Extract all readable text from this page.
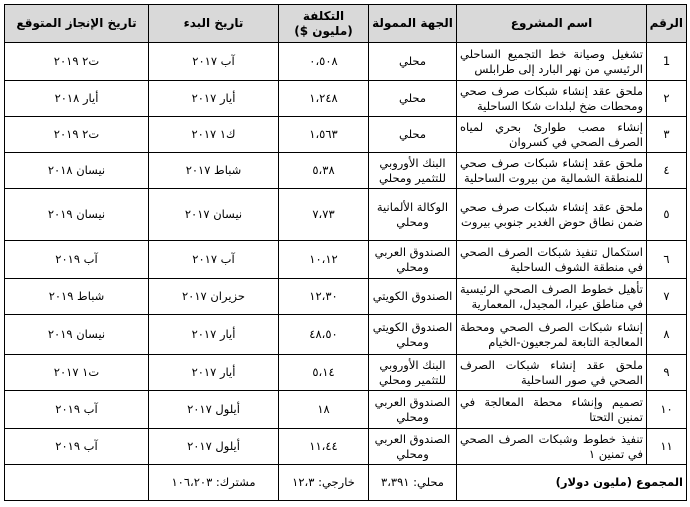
الرقم	اسم المشروع	الجهة الممولة	التكلفة (مليون $)	تاريخ البدء	تاريخ الإنجاز المتوقع
1	تشغيل وصيانة خط التجميع الساحلي الرئيسي من نهر البارد إلى طرابلس	محلي	٠،٥٠٨	آب ٢٠١٧	ت٢ ٢٠١٩
٢	ملحق عقد إنشاء شبكات صرف صحي ومحطات ضخ لبلدات شكا الساحلية	محلي	١،٢٤٨	أيار ٢٠١٧	أيار ٢٠١٨
٣	إنشاء مصب طوارئ بحري لمياه الصرف الصحي في كسروان	محلي	١،٥٦٣	ك١ ٢٠١٧	ت٢ ٢٠١٩
٤	ملحق عقد إنشاء شبكات صرف صحي للمنطقة الشمالية من بيروت الساحلية	البنك الأوروبي للتثمير ومحلي	٥،٣٨	شباط ٢٠١٧	نيسان ٢٠١٨
٥	ملحق عقد إنشاء شبكات صرف صحي ضمن نطاق حوض الغدير جنوبي بيروت	الوكالة الألمانية ومحلي	٧،٧٣	نيسان ٢٠١٧	نيسان ٢٠١٩
٦	استكمال تنفيذ شبكات الصرف الصحي في منطقة الشوف الساحلية	الصندوق العربي ومحلي	١٠،١٢	آب ٢٠١٧	آب ٢٠١٩
٧	تأهيل خطوط الصرف الصحي الرئيسية في مناطق عيرا، المجيدل، المعمارية	الصندوق الكويتي	١٢،٣٠	حزيران ٢٠١٧	شباط ٢٠١٩
٨	إنشاء شبكات الصرف الصحي ومحطة المعالجة التابعة لمرجعيون-الخيام	الصندوق الكويتي ومحلي	٤٨،٥٠	أيار ٢٠١٧	نيسان ٢٠١٩
٩	ملحق عقد إنشاء شبكات الصرف الصحي في صور الساحلية	البنك الأوروبي للتثمير ومحلي	٥،١٤	أيار ٢٠١٧	ت١ ٢٠١٧
١٠	تصميم وإنشاء محطة المعالجة في تمنين التحتا	الصندوق العربي ومحلي	١٨	أيلول ٢٠١٧	آب ٢٠١٩
١١	تنفيذ خطوط وشبكات الصرف الصحي في تمنين ١	الصندوق العربي ومحلي	١١،٤٤	أيلول ٢٠١٧	آب ٢٠١٩
المجموع (مليون دولار)		محلي: ٣،٣٩١	خارجي: ١٢،٣	مشترك: ١٠٦،٢٠٣	
